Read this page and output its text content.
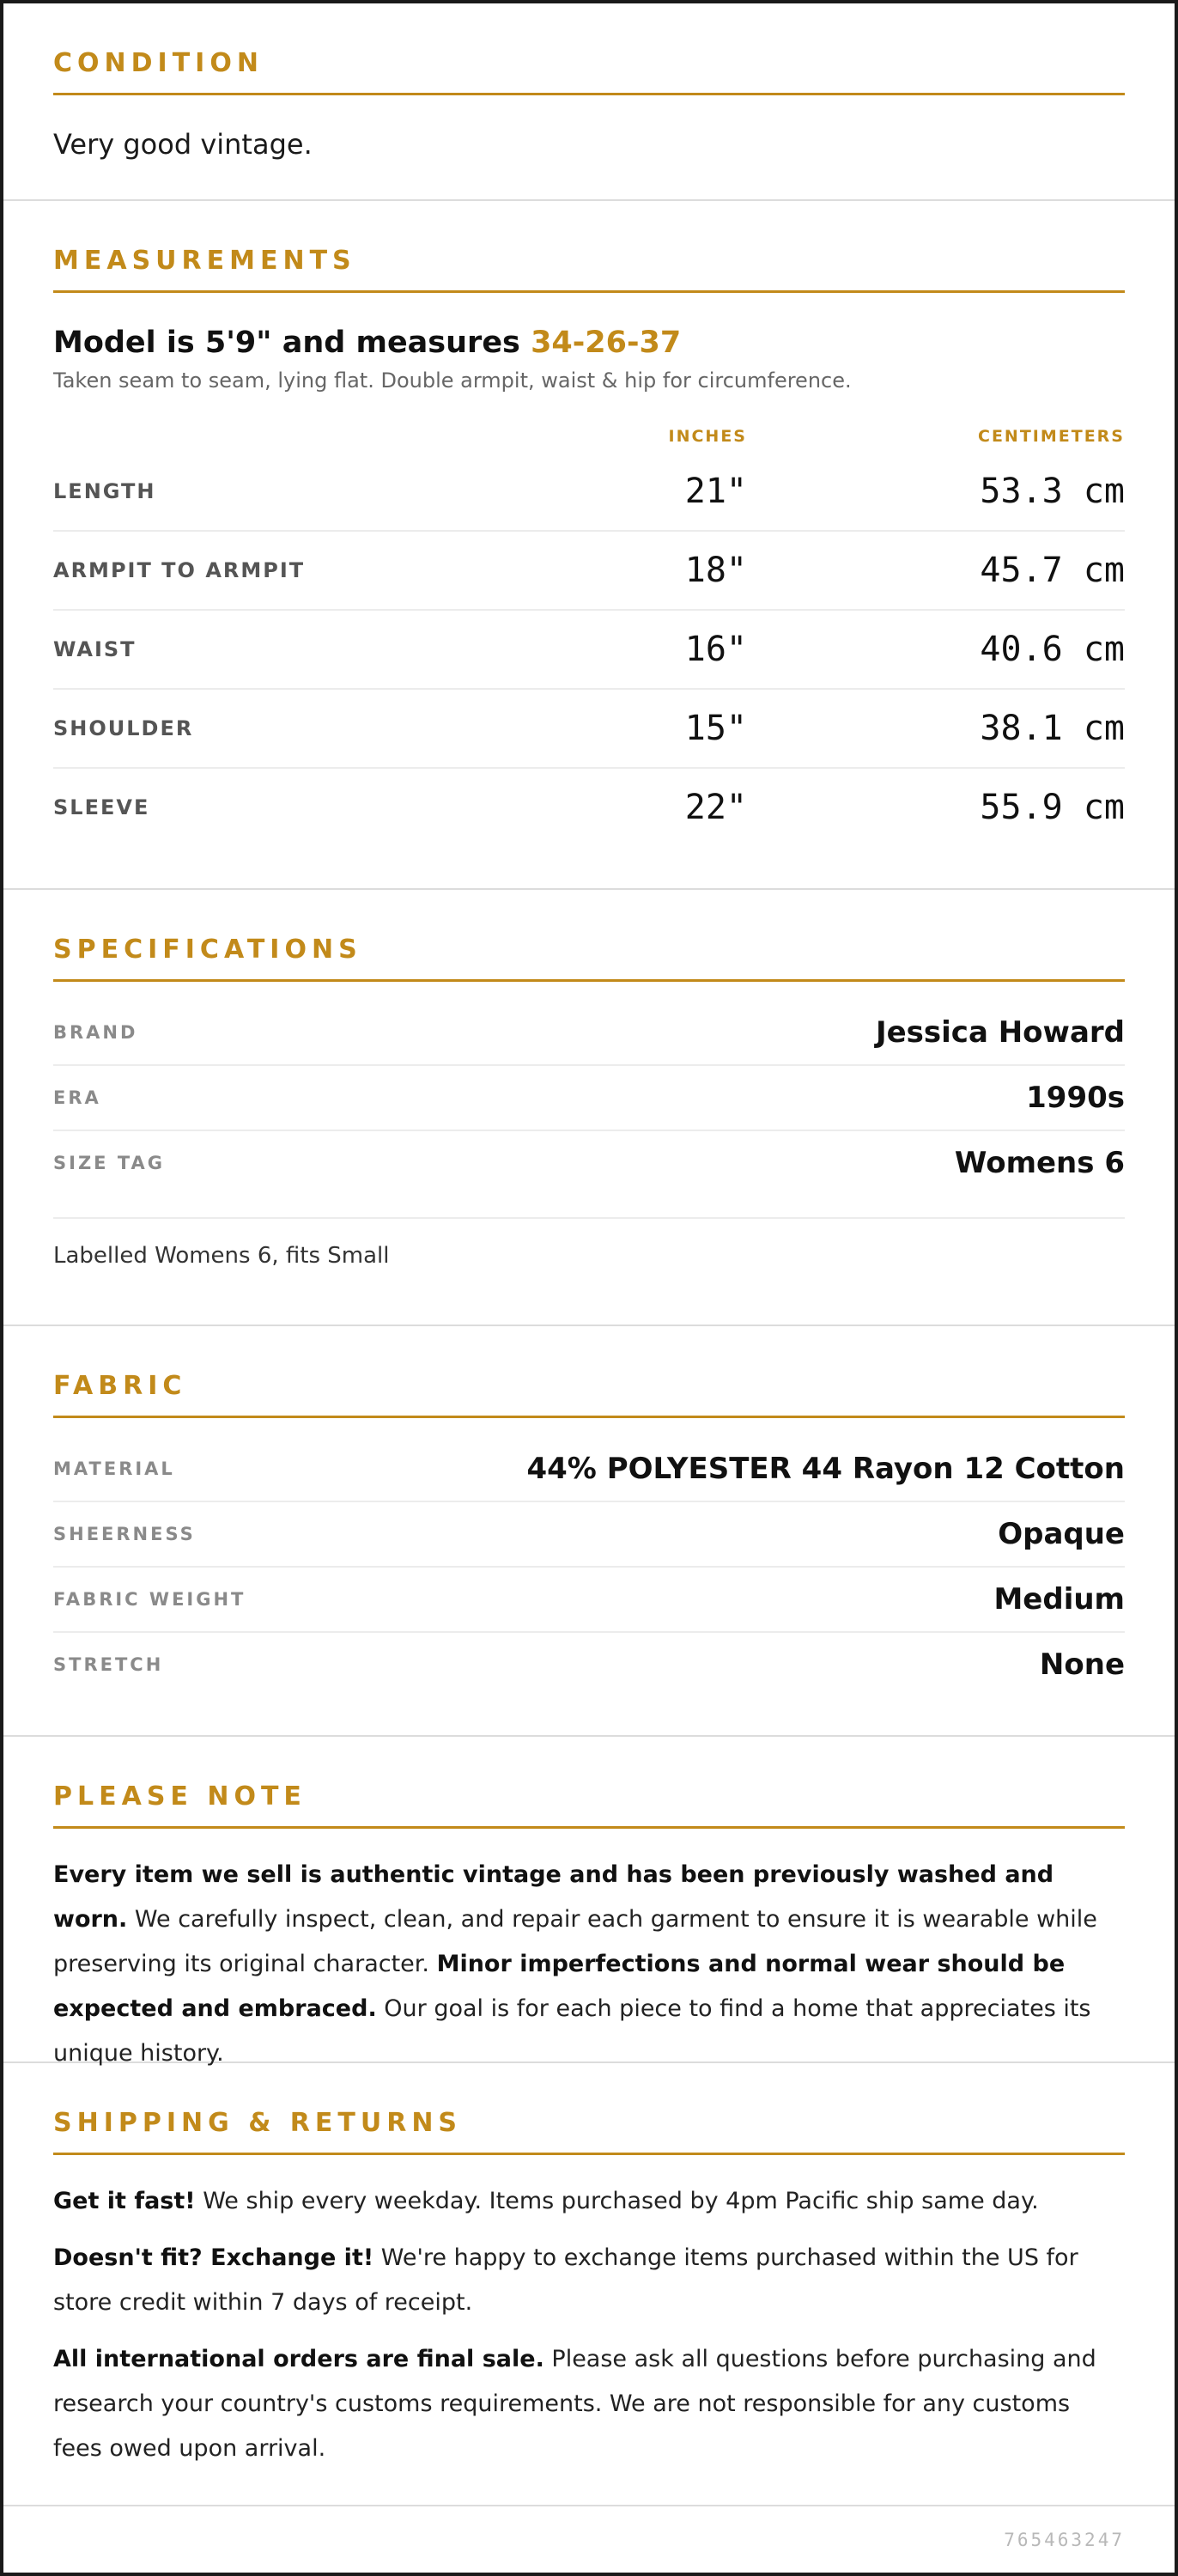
CONDITION
Very good vintage.
MEASUREMENTS
Model is 5'9" and measures 34-26-37
Taken seam to seam, lying flat. Double armpit, waist & hip for circumference.
INCHES	CENTIMETERS
LENGTH	21"	53.3 cm
ARMPIT TO ARMPIT	18"	45.7 cm
WAIST	16"	40.6 cm
SHOULDER	15"	38.1 cm
SLEEVE	22"	55.9 cm
SPECIFICATIONS
BRAND	Jessica Howard
ERA	1990s
SIZE TAG	Womens 6
Labelled Womens 6, fits Small
FABRIC
MATERIAL	44% POLYESTER 44 Rayon 12 Cotton
SHEERNESS	Opaque
FABRIC WEIGHT	Medium
STRETCH	None
PLEASE NOTE
Every item we sell is authentic vintage and has been previously washed and worn. We carefully inspect, clean, and repair each garment to ensure it is wearable while preserving its original character. Minor imperfections and normal wear should be expected and embraced. Our goal is for each piece to find a home that appreciates its unique history.
SHIPPING & RETURNS

Get it fast! We ship every weekday. Items purchased by 4pm Pacific ship same day.

Doesn't fit? Exchange it! We're happy to exchange items purchased within the US for store credit within 7 days of receipt.

All international orders are final sale. Please ask all questions before purchasing and research your country's customs requirements. We are not responsible for any customs fees owed upon arrival.

765463247
